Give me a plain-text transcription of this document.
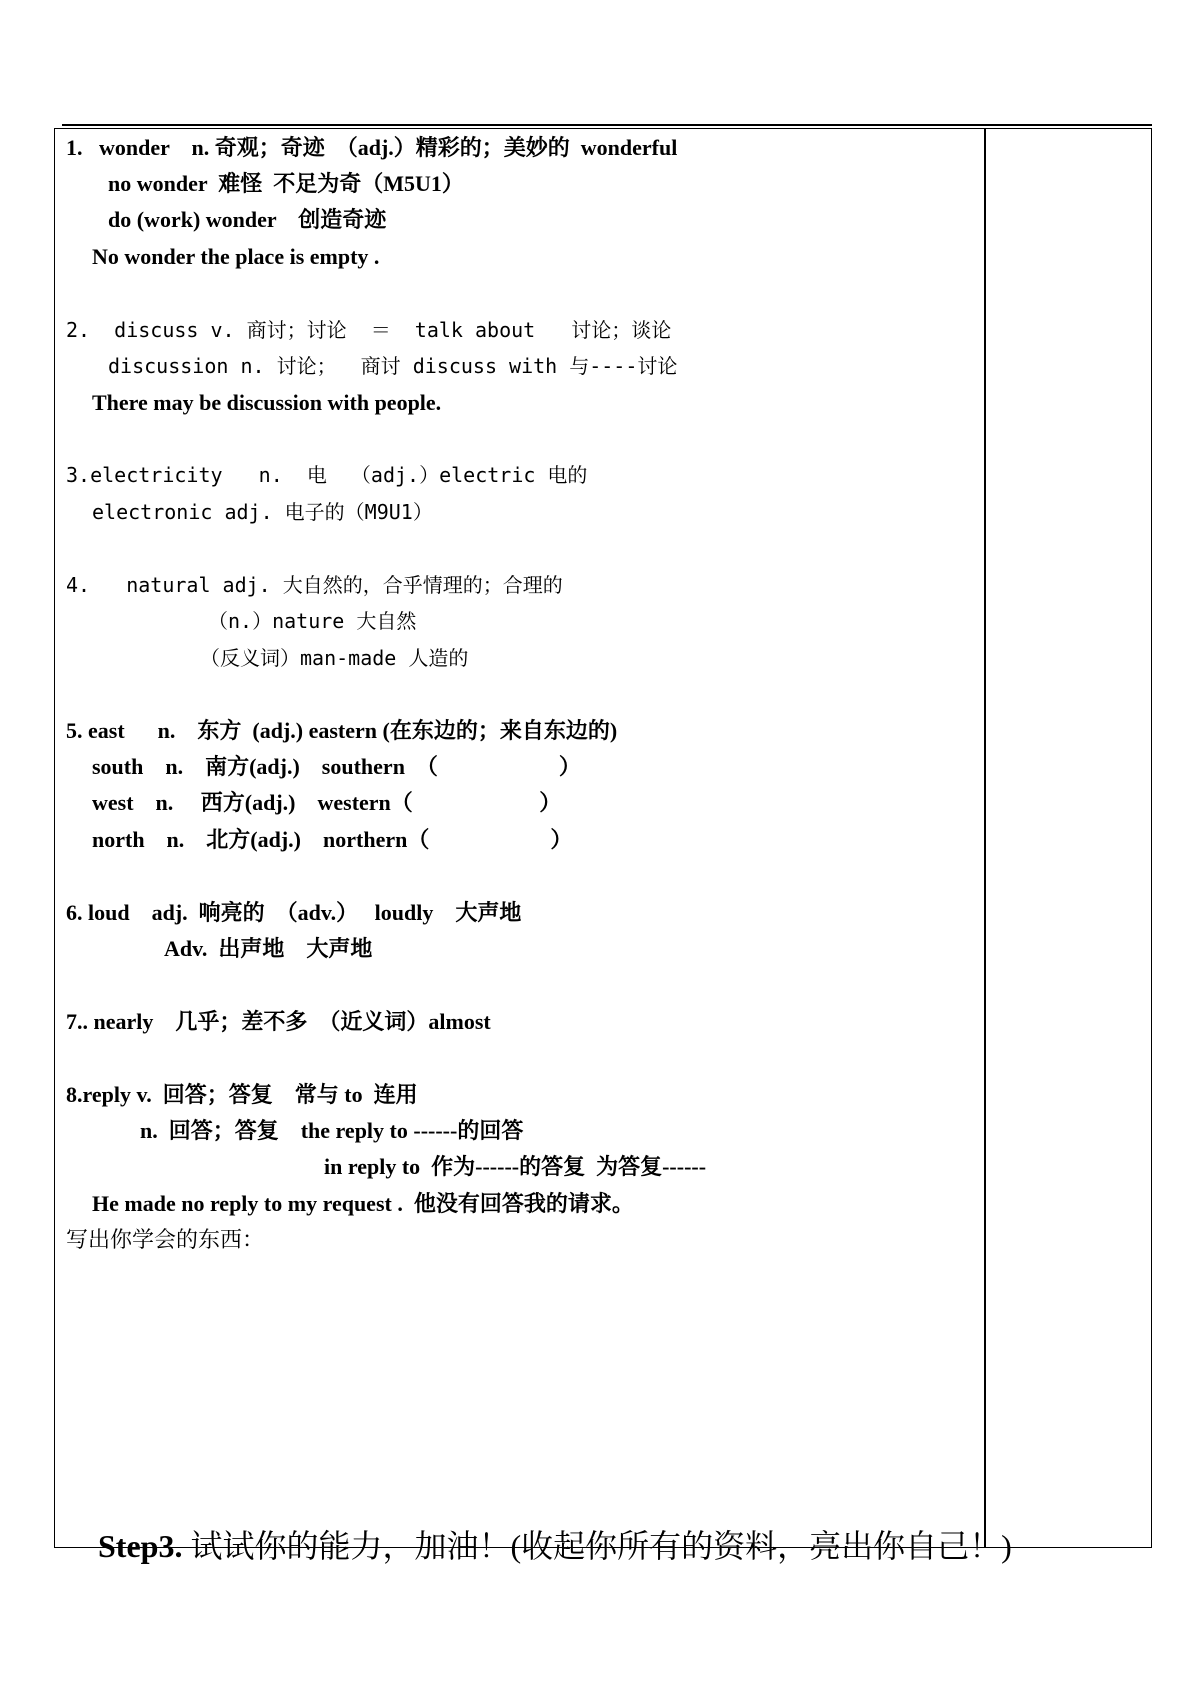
1.   wonder    n. 奇观；奇迹  （adj.）精彩的；美妙的  wonderful
no wonder  难怪  不足为奇（M5U1）
do (work) wonder    创造奇迹
No wonder the place is empty .
2.  discuss v. 商讨；讨论  ＝  talk about   讨论；谈论
discussion n. 讨论；  商讨 discuss with 与----讨论
There may be discussion with people.
3.electricity   n.  电  （adj.）electric 电的
electronic adj. 电子的（M9U1）
4.   natural adj. 大自然的，合乎情理的；合理的
（n.）nature 大自然
（反义词）man-made 人造的
5. east      n.    东方  (adj.) eastern (在东边的；来自东边的)
south    n.    南方(adj.)    southern  （                      ）
west    n.     西方(adj.)    western（                       ）
north    n.    北方(adj.)    northern（                      ）
6. loud    adj.  响亮的  （adv.）   loudly    大声地
Adv.  出声地    大声地
7.. nearly    几乎；差不多  （近义词）almost
8.reply v.  回答；答复    常与 to  连用
n.  回答；答复    the reply to ------的回答
in reply to  作为------的答复  为答复------
He made no reply to my request .  他没有回答我的请求。
写出你学会的东西：

Step3. 试试你的能力，加油！(收起你所有的资料，亮出你自己！)
